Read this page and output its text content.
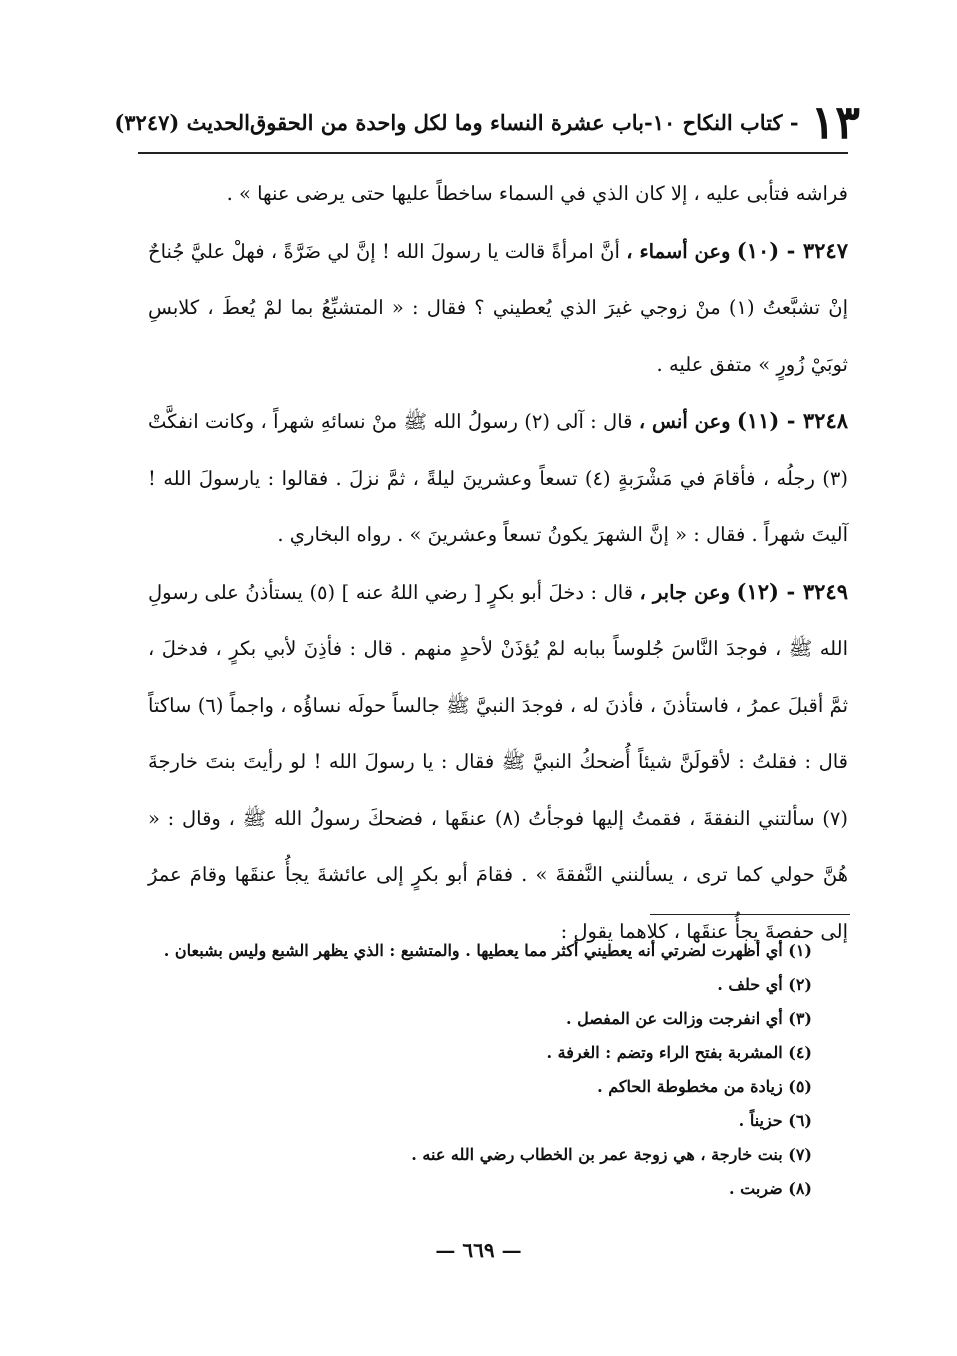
١٣
- كتاب النكاح ١٠-باب عشرة النساء وما لكل واحدة من الحقوق
الحديث (٣٢٤٧)

فراشه فتأبى عليه ، إلا كان الذي في السماء ساخطاً عليها حتى يرضى عنها » .

٣٢٤٧ - (١٠) وعن أسماء ، أنَّ امرأةً قالت يا رسولَ الله ! إنَّ لي ضَرَّةً ، فهلْ عليَّ جُناحٌ إنْ تشبَّعتُ (١) منْ زوجي غيرَ الذي يُعطيني ؟ فقال : « المتشبِّعُ بما لمْ يُعطَ ، كلابسِ ثوبَيْ زُورٍ » متفق عليه .

٣٢٤٨ - (١١) وعن أنس ، قال : آلى (٢) رسولُ الله ﷺ منْ نسائهِ شهراً ، وكانت انفكَّتْ (٣) رجلُه ، فأقامَ في مَشْرَبةٍ (٤) تسعاً وعشرينَ ليلةً ، ثمَّ نزلَ . فقالوا : يارسولَ الله ! آليتَ شهراً . فقال : « إنَّ الشهرَ يكونُ تسعاً وعشرينَ » . رواه البخاري .

٣٢٤٩ - (١٢) وعن جابر ، قال : دخلَ أبو بكرٍ [ رضي اللهُ عنه ] (٥) يستأذنُ على رسولِ الله ﷺ ، فوجدَ النَّاسَ جُلوساً ببابه لمْ يُؤذَنْ لأحدٍ منهم . قال : فأذِنَ لأبي بكرٍ ، فدخلَ ، ثمَّ أقبلَ عمرُ ، فاستأذنَ ، فأذنَ له ، فوجدَ النبيَّ ﷺ جالساً حولَه نساؤُه ، واجماً (٦) ساكتاً قال : فقلتُ : لأقولَنَّ شيئاً أُضحكُ النبيَّ ﷺ فقال : يا رسولَ الله ! لو رأيتَ بنتَ خارجةَ (٧) سألتني النفقةَ ، فقمتُ إليها فوجأتُ (٨) عنقَها ، فضحكَ رسولُ الله ﷺ ، وقال : « هُنَّ حولي كما ترى ، يسألنني النَّفقةَ » . فقامَ أبو بكرٍ إلى عائشةَ يجأُ عنقَها وقامَ عمرُ إلى حفصةَ يجأُ عنقَها ، كلاهما يقول :

(١) أي أظهرت لضرتي أنه يعطيني أكثر مما يعطيها . والمتشبع : الذي يظهر الشبع وليس بشبعان .
(٢) أي حلف .
(٣) أي انفرجت وزالت عن المفصل .
(٤) المشربة بفتح الراء وتضم : الغرفة .
(٥) زيادة من مخطوطة الحاكم .
(٦) حزيناً .
(٧) بنت خارجة ، هي زوجة عمر بن الخطاب رضي الله عنه .
(٨) ضربت .
— ٦٦٩ —
